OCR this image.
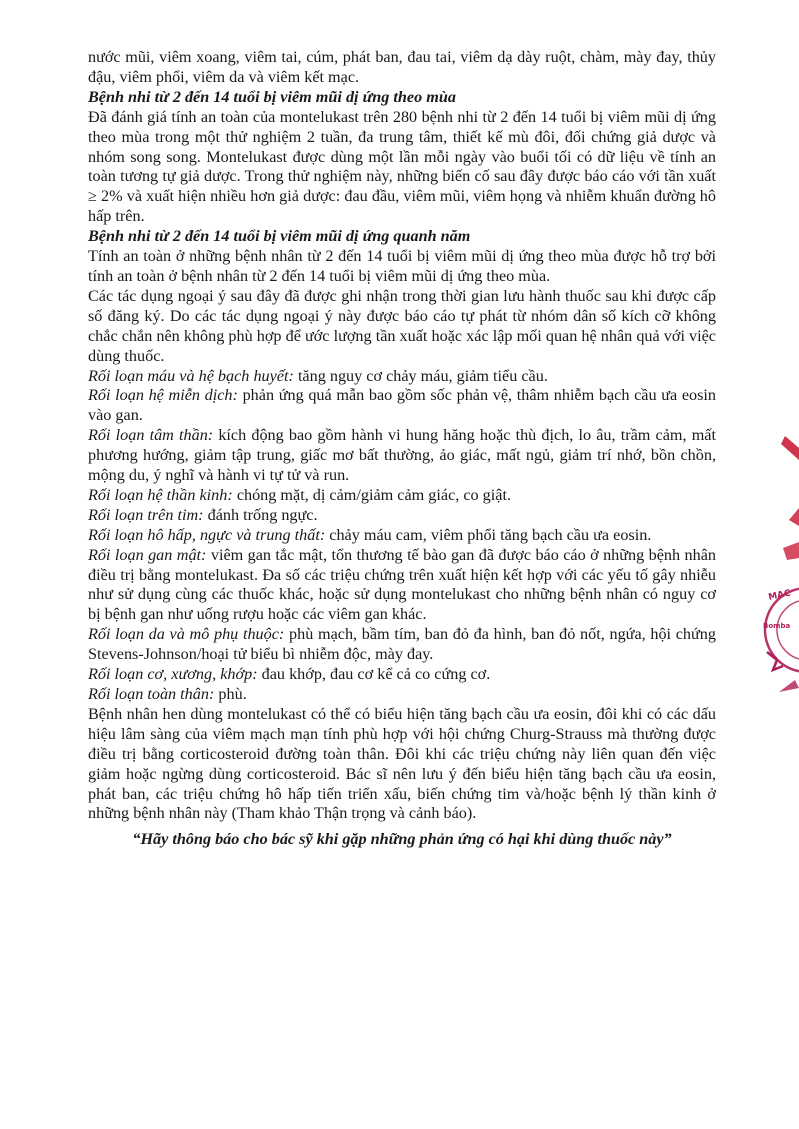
nước mũi, viêm xoang, viêm tai, cúm, phát ban, đau tai, viêm dạ dày ruột, chàm, mày đay, thủy đậu, viêm phổi, viêm da và viêm kết mạc.

Bệnh nhi từ 2 đến 14 tuổi bị viêm mũi dị ứng theo mùa

Đã đánh giá tính an toàn của montelukast trên 280 bệnh nhi từ 2 đến 14 tuổi bị viêm mũi dị ứng theo mùa trong một thử nghiệm 2 tuần, đa trung tâm, thiết kế mù đôi, đối chứng giả dược và nhóm song song. Montelukast được dùng một lần mỗi ngày vào buổi tối có dữ liệu về tính an toàn tương tự giả dược. Trong thử nghiệm này, những biến cố sau đây được báo cáo với tần xuất ≥ 2% và xuất hiện nhiều hơn giả dược: đau đầu, viêm mũi, viêm họng và nhiễm khuẩn đường hô hấp trên.

Bệnh nhi từ 2 đến 14 tuổi bị viêm mũi dị ứng quanh năm

Tính an toàn ở những bệnh nhân từ 2 đến 14 tuổi bị viêm mũi dị ứng theo mùa được hỗ trợ bởi tính an toàn ở bệnh nhân từ 2 đến 14 tuổi bị viêm mũi dị ứng theo mùa.

Các tác dụng ngoại ý sau đây đã được ghi nhận trong thời gian lưu hành thuốc sau khi được cấp số đăng ký. Do các tác dụng ngoại ý này được báo cáo tự phát từ nhóm dân số kích cỡ không chắc chắn nên không phù hợp để ước lượng tần xuất hoặc xác lập mối quan hệ nhân quả với việc dùng thuốc.

Rối loạn máu và hệ bạch huyết: tăng nguy cơ chảy máu, giảm tiểu cầu.

Rối loạn hệ miễn dịch: phản ứng quá mẫn bao gồm sốc phản vệ, thâm nhiễm bạch cầu ưa eosin vào gan.

Rối loạn tâm thần: kích động bao gồm hành vi hung hăng hoặc thù địch, lo âu, trầm cảm, mất phương hướng, giảm tập trung, giấc mơ bất thường, ảo giác, mất ngủ, giảm trí nhớ, bồn chồn, mộng du, ý nghĩ và hành vi tự tử và run.

Rối loạn hệ thần kinh: chóng mặt, dị cảm/giảm cảm giác, co giật.

Rối loạn trên tim: đánh trống ngực.

Rối loạn hô hấp, ngực và trung thất: chảy máu cam, viêm phổi tăng bạch cầu ưa eosin.

Rối loạn gan mật: viêm gan tắc mật, tổn thương tế bào gan đã được báo cáo ở những bệnh nhân điều trị bằng montelukast. Đa số các triệu chứng trên xuất hiện kết hợp với các yếu tố gây nhiễu như sử dụng cùng các thuốc khác, hoặc sử dụng montelukast cho những bệnh nhân có nguy cơ bị bệnh gan như uống rượu hoặc các viêm gan khác.

Rối loạn da và mô phụ thuộc: phù mạch, bầm tím, ban đỏ đa hình, ban đỏ nốt, ngứa, hội chứng Stevens-Johnson/hoại tử biểu bì nhiễm độc, mày đay.

Rối loạn cơ, xương, khớp: đau khớp, đau cơ kể cả co cứng cơ.

Rối loạn toàn thân: phù.

Bệnh nhân hen dùng montelukast có thể có biểu hiện tăng bạch cầu ưa eosin, đôi khi có các dấu hiệu lâm sàng của viêm mạch mạn tính phù hợp với hội chứng Churg-Strauss mà thường được điều trị bằng corticosteroid đường toàn thân. Đôi khi các triệu chứng này liên quan đến việc giảm hoặc ngừng dùng corticosteroid. Bác sĩ nên lưu ý đến biểu hiện tăng bạch cầu ưa eosin, phát ban, các triệu chứng hô hấp tiến triển xấu, biến chứng tim và/hoặc bệnh lý thần kinh ở những bệnh nhân này (Tham khảo Thận trọng và cảnh báo).

“Hãy thông báo cho bác sỹ khi gặp những phản ứng có hại khi dùng thuốc này”

MAC
Bomba
